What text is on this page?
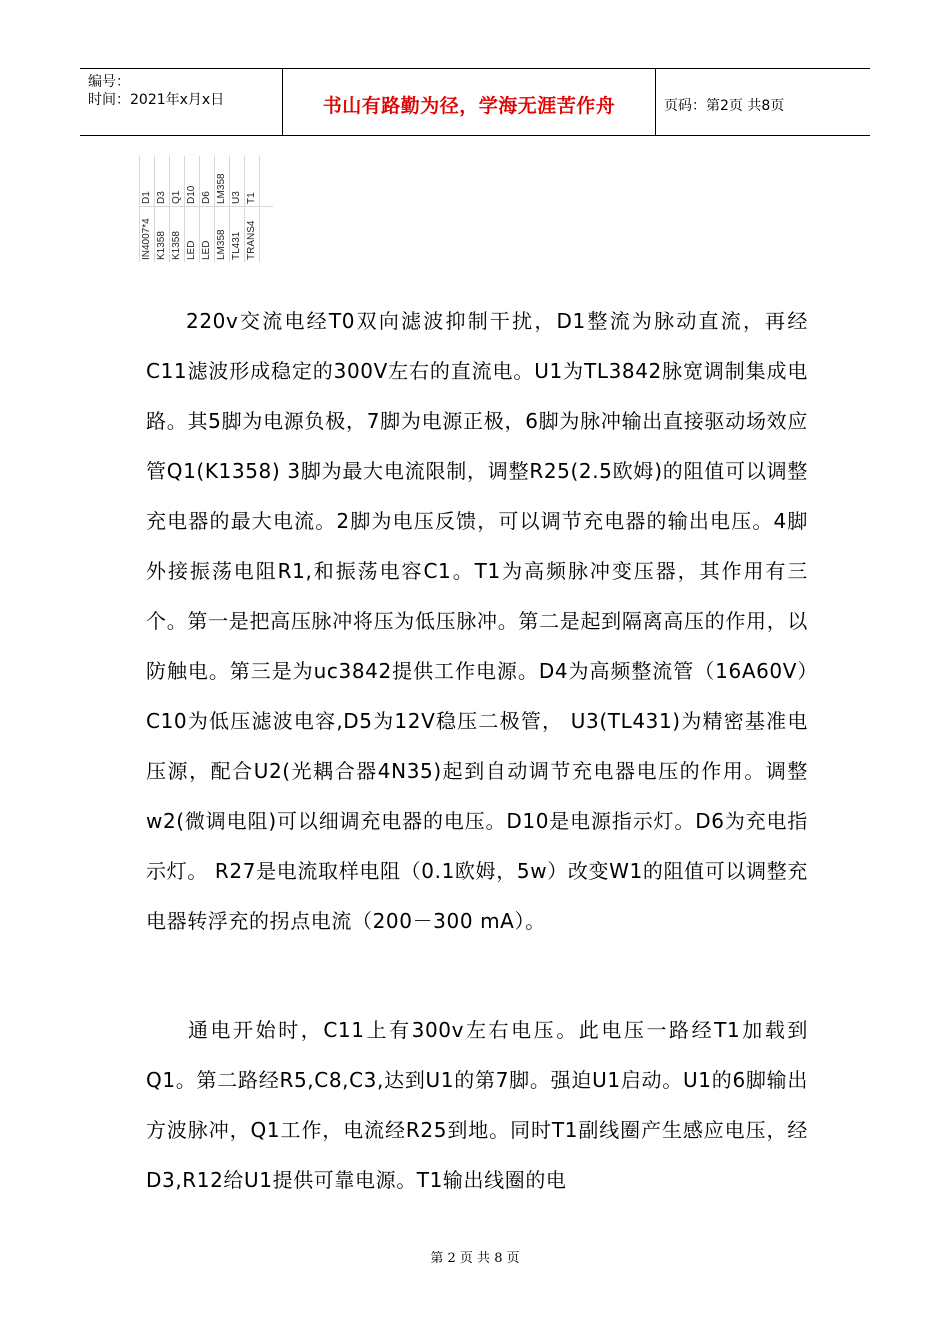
编号：
时间：2021年x月x日	书山有路勤为径，学海无涯苦作舟	页码：第2页 共8页
D1
IN4007*4
D3
K1358
Q1
K1358
D10
LED
D6
LED
LM358
LM358
U3
TL431
T1
TRANS4
220v交流电经T0双向滤波抑制干扰，D1整流为脉动直流，再经C11滤波形成稳定的300V左右的直流电。U1为TL3842脉宽调制集成电路。其5脚为电源负极，7脚为电源正极，6脚为脉冲输出直接驱动场效应管Q1(K1358) 3脚为最大电流限制，调整R25(2.5欧姆)的阻值可以调整充电器的最大电流。2脚为电压反馈，可以调节充电器的输出电压。4脚外接振荡电阻R1,和振荡电容C1。T1为高频脉冲变压器，其作用有三个。第一是把高压脉冲将压为低压脉冲。第二是起到隔离高压的作用，以防触电。第三是为uc3842提供工作电源。D4为高频整流管（16A60V）C10为低压滤波电容,D5为12V稳压二极管， U3(TL431)为精密基准电压源，配合U2(光耦合器4N35)起到自动调节充电器电压的作用。调整w2(微调电阻)可以细调充电器的电压。D10是电源指示灯。D6为充电指示灯。 R27是电流取样电阻（0.1欧姆，5w）改变W1的阻值可以调整充电器转浮充的拐点电流（200－300 mA）。
通电开始时，C11上有300v左右电压。此电压一路经T1加载到Q1。第二路经R5,C8,C3,达到U1的第7脚。强迫U1启动。U1的6脚输出方波脉冲，Q1工作，电流经R25到地。同时T1副线圈产生感应电压，经D3,R12给U1提供可靠电源。T1输出线圈的电
第 2 页 共 8 页
